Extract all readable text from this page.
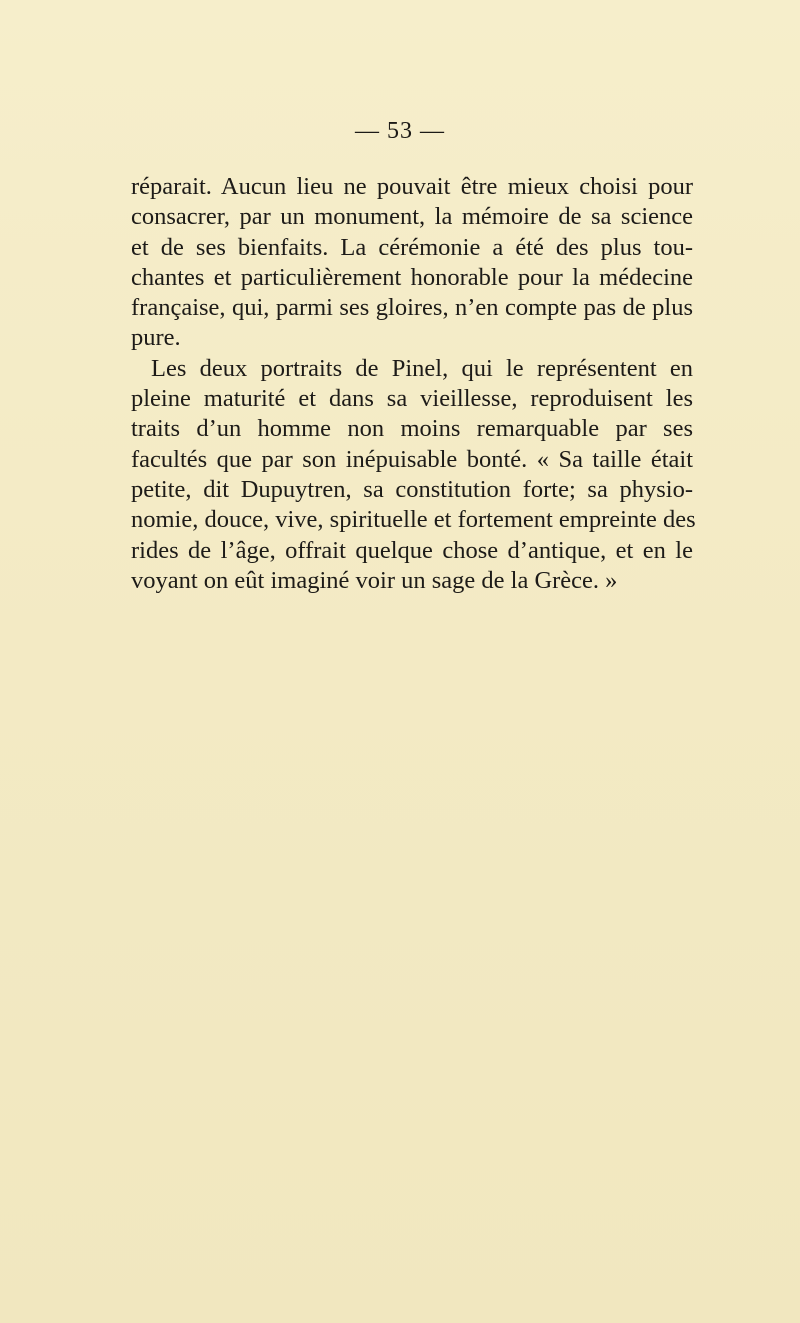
— 53 —
réparait. Aucun lieu ne pouvait être mieux choisi pour
consacrer, par un monument, la mémoire de sa science
et de ses bienfaits. La cérémonie a été des plus tou-
chantes et particulièrement honorable pour la médecine
française, qui, parmi ses gloires, n’en compte pas de plus
pure.
Les deux portraits de Pinel, qui le représentent en
pleine maturité et dans sa vieillesse, reproduisent les
traits d’un homme non moins remarquable par ses
facultés que par son inépuisable bonté. « Sa taille était
petite, dit Dupuytren, sa constitution forte; sa physio-
nomie, douce, vive, spirituelle et fortement empreinte des
rides de l’âge, offrait quelque chose d’antique, et en le
voyant on eût imaginé voir un sage de la Grèce. »
